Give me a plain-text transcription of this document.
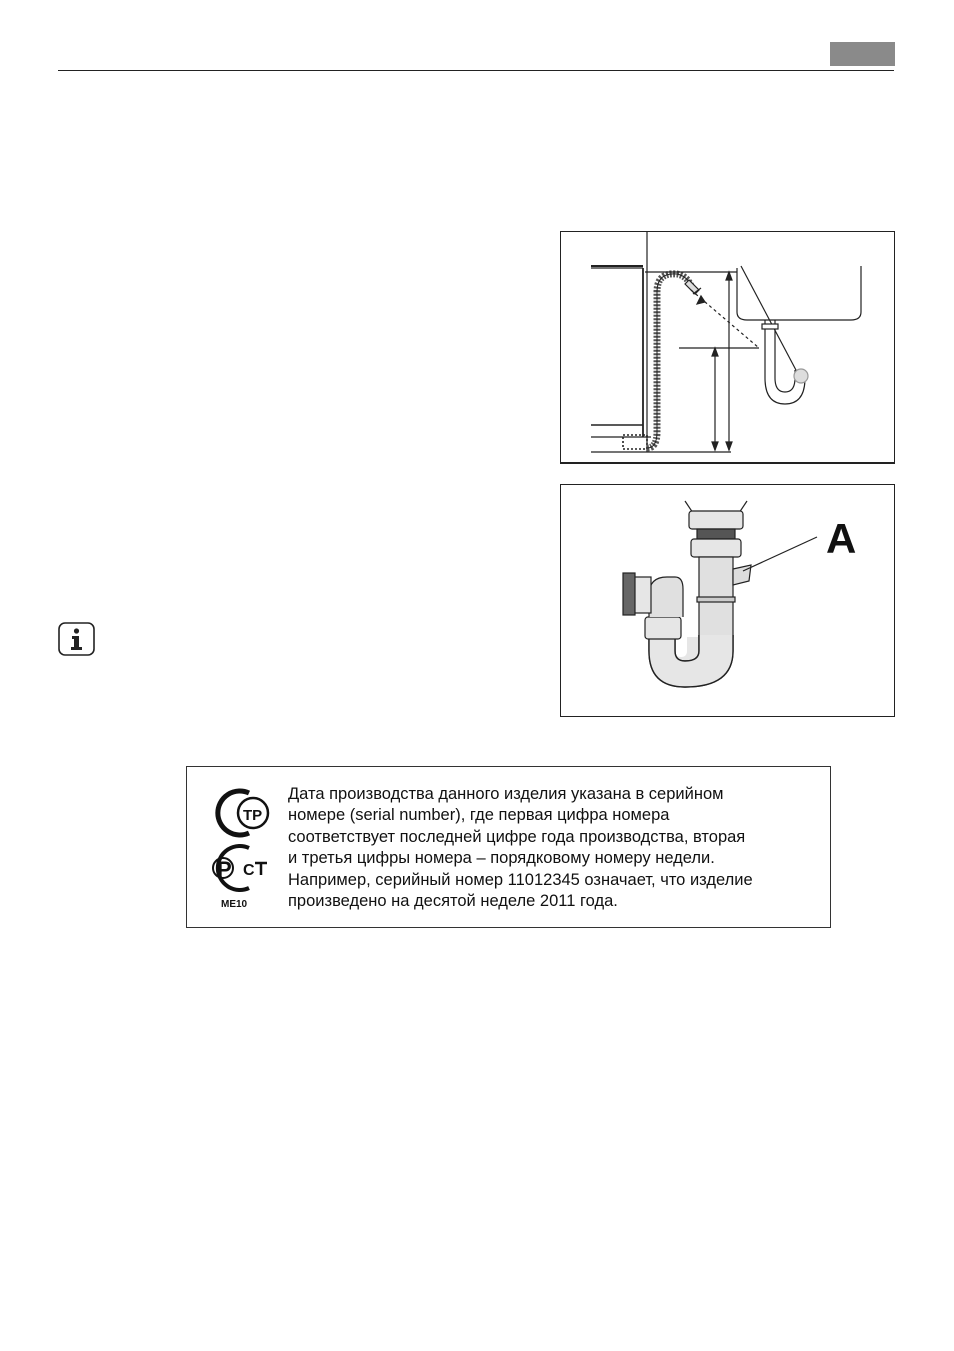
A
ТР
Р С
ME10

Дата производства данного изделия указана в серийном
номере (serial number), где первая цифра номера
соответствует последней цифре года производства, вторая
и третья цифры номера – порядковому номеру недели.
Например, серийный номер 11012345 означает, что изделие
произведено на десятой неделе 2011 года.
